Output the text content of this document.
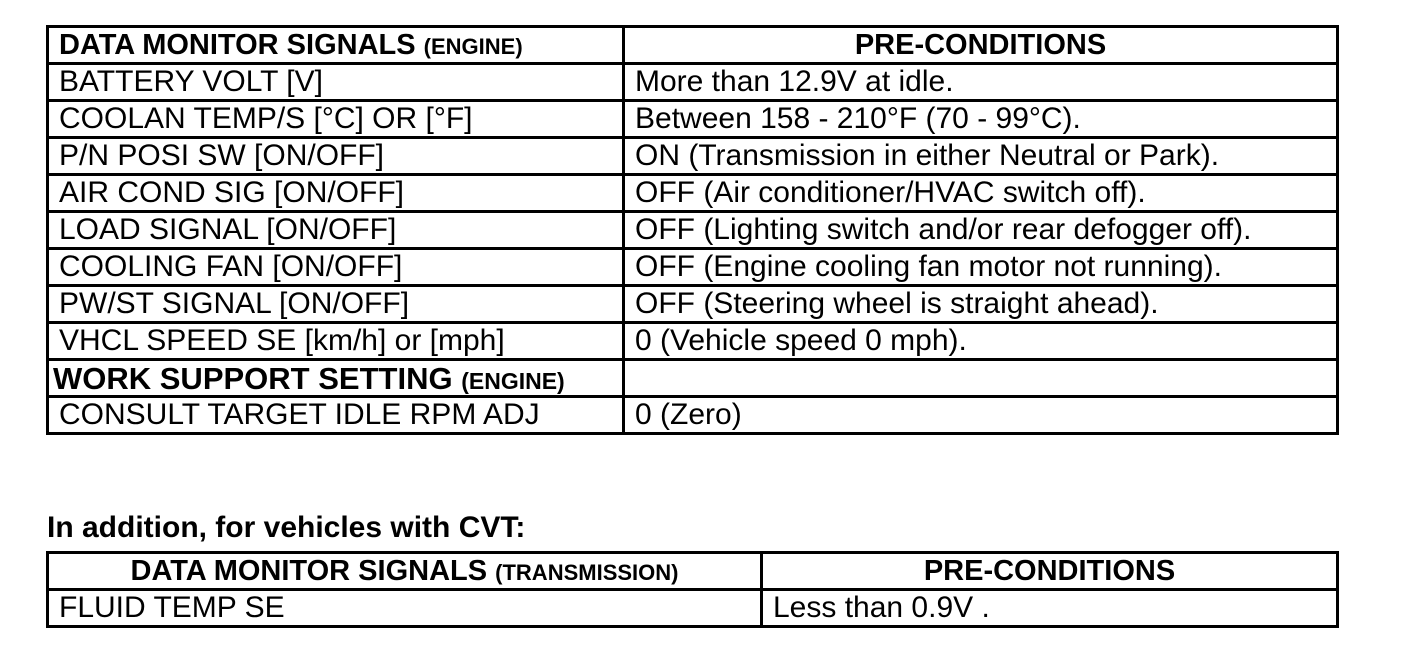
DATA MONITOR SIGNALS (ENGINE)	PRE-CONDITIONS
BATTERY VOLT [V]	More than 12.9V at idle.
COOLAN TEMP/S [°C] OR [°F]	Between 158 - 210°F (70 - 99°C).
P/N POSI SW [ON/OFF]	ON (Transmission in either Neutral or Park).
AIR COND SIG [ON/OFF]	OFF (Air conditioner/HVAC switch off).
LOAD SIGNAL [ON/OFF]	OFF (Lighting switch and/or rear defogger off).
COOLING FAN [ON/OFF]	OFF (Engine cooling fan motor not running).
PW/ST SIGNAL [ON/OFF]	OFF (Steering wheel is straight ahead).
VHCL SPEED SE [km/h] or [mph]	0 (Vehicle speed 0 mph).
WORK SUPPORT SETTING (ENGINE)	
CONSULT TARGET IDLE RPM ADJ	0 (Zero)

In addition, for vehicles with CVT:

DATA MONITOR SIGNALS (TRANSMISSION)	PRE-CONDITIONS
FLUID TEMP SE	Less than 0.9V .
